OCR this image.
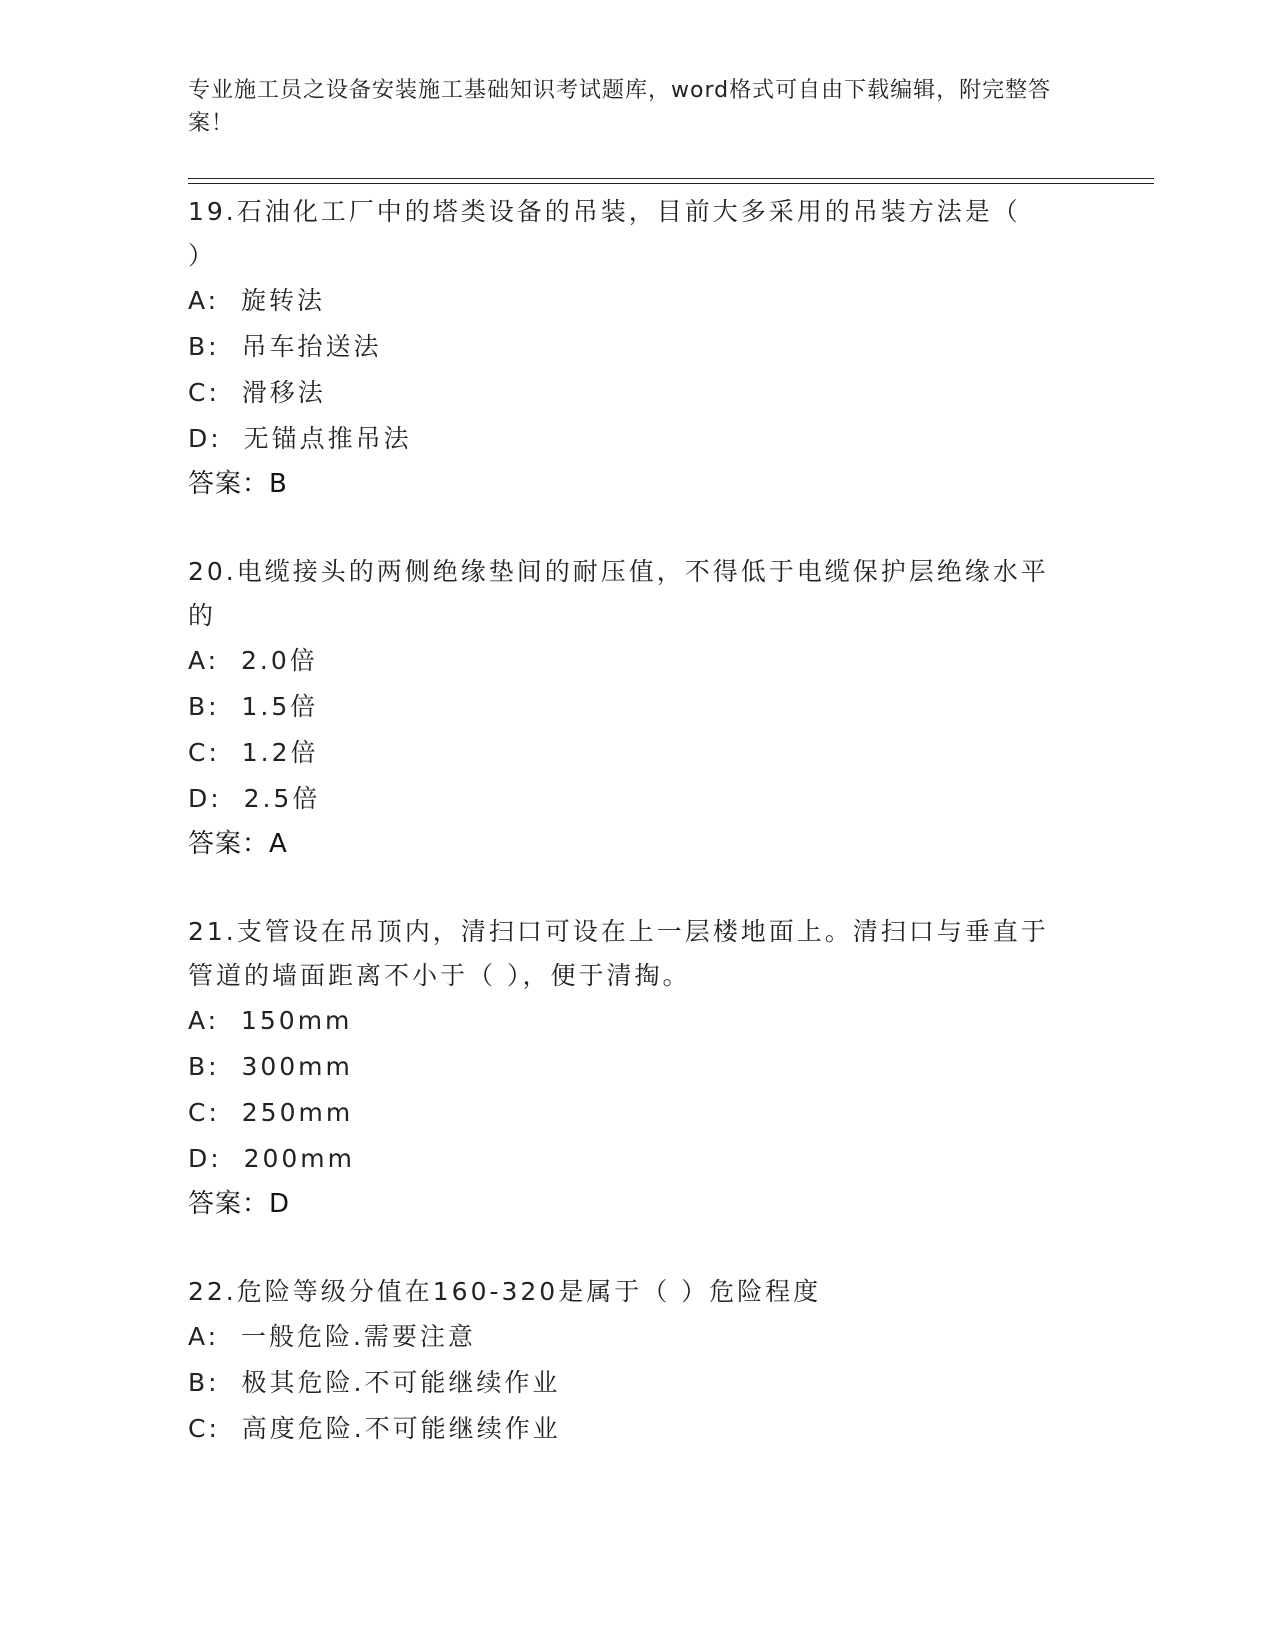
专业施工员之设备安装施工基础知识考试题库，word格式可自由下载编辑，附完整答案！
19.石油化工厂中的塔类设备的吊装，目前大多采用的吊装方法是（
）
A:  旋转法
B:  吊车抬送法
C:  滑移法
D:  无锚点推吊法
答案：B
20.电缆接头的两侧绝缘垫间的耐压值，不得低于电缆保护层绝缘水平
的
A:  2.0倍
B:  1.5倍
C:  1.2倍
D:  2.5倍
答案：A
21.支管设在吊顶内，清扫口可设在上一层楼地面上。清扫口与垂直于
管道的墙面距离不小于（ ），便于清掏。
A:  150mm
B:  300mm
C:  250mm
D:  200mm
答案：D
22.危险等级分值在160-320是属于（ ）危险程度
A:  一般危险.需要注意
B:  极其危险.不可能继续作业
C:  高度危险.不可能继续作业
